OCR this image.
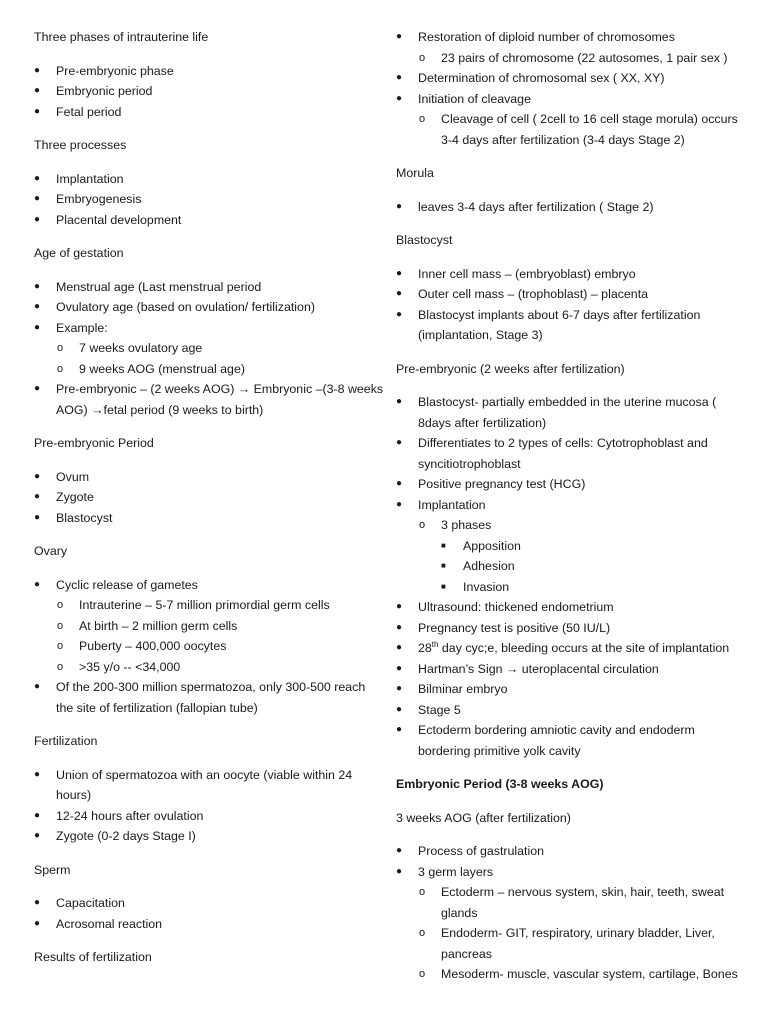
Three phases of intrauterine life

● Pre-embryonic phase
● Embryonic period
● Fetal period

Three processes

● Implantation
● Embryogenesis
● Placental development

Age of gestation

● Menstrual age (Last menstrual period
● Ovulatory age (based on ovulation/ fertilization)
● Example:
o 7 weeks ovulatory age
o 9 weeks AOG (menstrual age)
● Pre-embryonic – (2 weeks AOG) → Embryonic –(3-8 weeks AOG) →fetal period (9 weeks to birth)

Pre-embryonic Period

● Ovum
● Zygote
● Blastocyst

Ovary

● Cyclic release of gametes
o Intrauterine – 5-7 million primordial germ cells
o At birth – 2 million germ cells
o Puberty – 400,000 oocytes
o >35 y/o -- <34,000
● Of the 200-300 million spermatozoa, only 300-500 reach the site of fertilization (fallopian tube)

Fertilization

● Union of spermatozoa with an oocyte (viable within 24 hours)
● 12-24 hours after ovulation
● Zygote (0-2 days Stage I)

Sperm

● Capacitation
● Acrosomal reaction

Results of fertilization

● Restoration of diploid number of chromosomes
o 23 pairs of chromosome (22 autosomes, 1 pair sex )
● Determination of chromosomal sex ( XX, XY)
● Initiation of cleavage
o Cleavage of cell ( 2cell to 16 cell stage morula) occurs 3-4 days after fertilization (3-4 days Stage 2)

Morula

● leaves 3-4 days after fertilization ( Stage 2)

Blastocyst

● Inner cell mass – (embryoblast) embryo
● Outer cell mass – (trophoblast) – placenta
● Blastocyst implants about 6-7 days after fertilization (implantation, Stage 3)

Pre-embryonic (2 weeks after fertilization)

● Blastocyst- partially embedded in the uterine mucosa ( 8days after fertilization)
● Differentiates to 2 types of cells: Cytotrophoblast and syncitiotrophoblast
● Positive pregnancy test (HCG)
● Implantation
o 3 phases
■ Apposition
■ Adhesion
■ Invasion
● Ultrasound: thickened endometrium
● Pregnancy test is positive (50 IU/L)
● 28th day cyc;e, bleeding occurs at the site of implantation
● Hartman’s Sign → uteroplacental circulation
● Bilminar embryo
● Stage 5
● Ectoderm bordering amniotic cavity and endoderm bordering primitive yolk cavity

Embryonic Period (3-8 weeks AOG)

3 weeks AOG (after fertilization)

● Process of gastrulation
● 3 germ layers
o Ectoderm – nervous system, skin, hair, teeth, sweat glands
o Endoderm- GIT, respiratory, urinary bladder, Liver, pancreas
o Mesoderm- muscle, vascular system, cartilage, Bones
